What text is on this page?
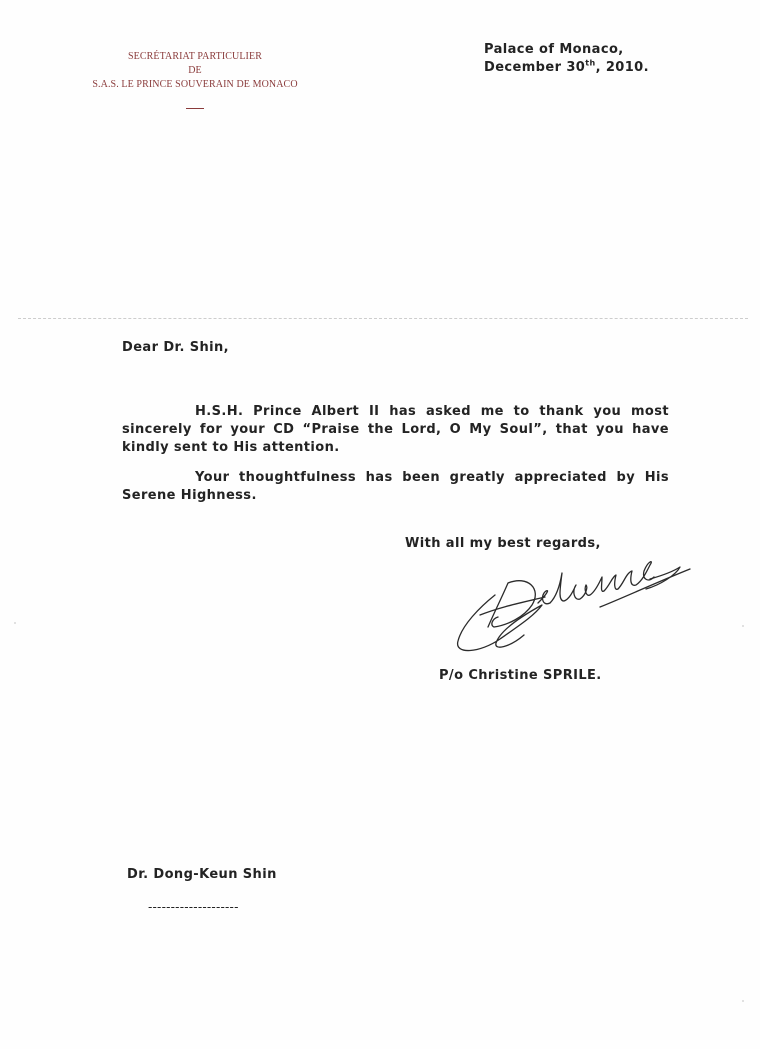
SECRÉTARIAT PARTICULIER
DE
S.A.S. LE PRINCE SOUVERAIN DE MONACO
Palace of Monaco,
December 30th, 2010.
Dear Dr. Shin,
H.S.H. Prince Albert II has asked me to thank you most sincerely for your CD “Praise the Lord, O My Soul”, that you have kindly sent to His attention.
Your thoughtfulness has been greatly appreciated by His Serene Highness.
With all my best regards,
P/o Christine SPRILE.
Dr. Dong-Keun Shin
--------------------
